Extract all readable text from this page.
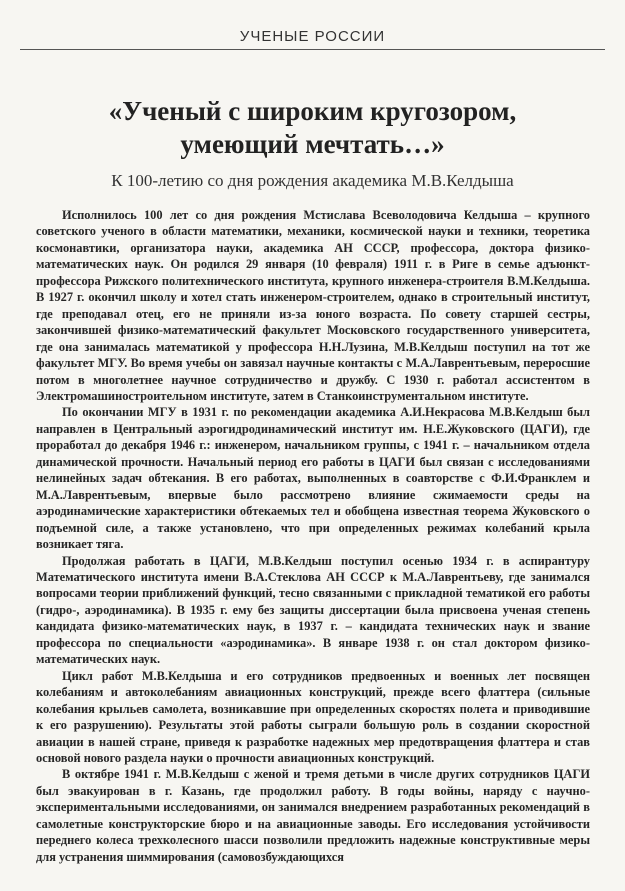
УЧЕНЫЕ РОССИИ
«Ученый с широким кругозором,
умеющий мечтать…»
К 100-летию со дня рождения академика М.В.Келдыша

Исполнилось 100 лет со дня рождения Мстислава Всеволодовича Келдыша – крупного советского ученого в области математики, механики, космической науки и техники, теоретика космонавтики, организатора науки, академика АН СССР, профессора, доктора физико-математических наук. Он родился 29 января (10 февраля) 1911 г. в Риге в семье адъюнкт-профессора Рижского политехнического института, крупного инженера-строителя В.М.Келдыша. В 1927 г. окончил школу и хотел стать инженером-строителем, однако в строительный институт, где преподавал отец, его не приняли из-за юного возраста. По совету старшей сестры, закончившей физико-математический факультет Московского государственного университета, где она занималась математикой у профессора Н.Н.Лузина, М.В.Келдыш поступил на тот же факультет МГУ. Во время учебы он завязал научные контакты с М.А.Лаврентьевым, переросшие потом в многолетнее научное сотрудничество и дружбу. С 1930 г. работал ассистентом в Электромашиностроительном институте, затем в Станкоинструментальном институте.

По окончании МГУ в 1931 г. по рекомендации академика А.И.Некрасова М.В.Келдыш был направлен в Центральный аэрогидродинамический институт им. Н.Е.Жуковского (ЦАГИ), где проработал до декабря 1946 г.: инженером, начальником группы, с 1941 г. – начальником отдела динамической прочности. Начальный период его работы в ЦАГИ был связан с исследованиями нелинейных задач обтекания. В его работах, выполненных в соавторстве с Ф.И.Франклем и М.А.Лаврентьевым, впервые было рассмотрено влияние сжимаемости среды на аэродинамические характеристики обтекаемых тел и обобщена известная теорема Жуковского о подъемной силе, а также установлено, что при определенных режимах колебаний крыла возникает тяга.

Продолжая работать в ЦАГИ, М.В.Келдыш поступил осенью 1934 г. в аспирантуру Математического института имени В.А.Стеклова АН СССР к М.А.Лаврентьеву, где занимался вопросами теории приближений функций, тесно связанными с прикладной тематикой его работы (гидро-, аэродинамика). В 1935 г. ему без защиты диссертации была присвоена ученая степень кандидата физико-математических наук, в 1937 г. – кандидата технических наук и звание профессора по специальности «аэродинамика». В январе 1938 г. он стал доктором физико-математических наук.

Цикл работ М.В.Келдыша и его сотрудников предвоенных и военных лет посвящен колебаниям и автоколебаниям авиационных конструкций, прежде всего флаттера (сильные колебания крыльев самолета, возникавшие при определенных скоростях полета и приводившие к его разрушению). Результаты этой работы сыграли большую роль в создании скоростной авиации в нашей стране, приведя к разработке надежных мер предотвращения флаттера и став основой нового раздела науки о прочности авиационных конструкций.

В октябре 1941 г. М.В.Келдыш с женой и тремя детьми в числе других сотрудников ЦАГИ был эвакуирован в г. Казань, где продолжил работу. В годы войны, наряду с научно-экспериментальными исследованиями, он занимался внедрением разработанных рекомендаций в самолетные конструкторские бюро и на авиационные заводы. Его исследования устойчивости переднего колеса трехколесного шасси позволили предложить надежные конструктивные меры для устранения шиммирования (самовозбуждающихся
